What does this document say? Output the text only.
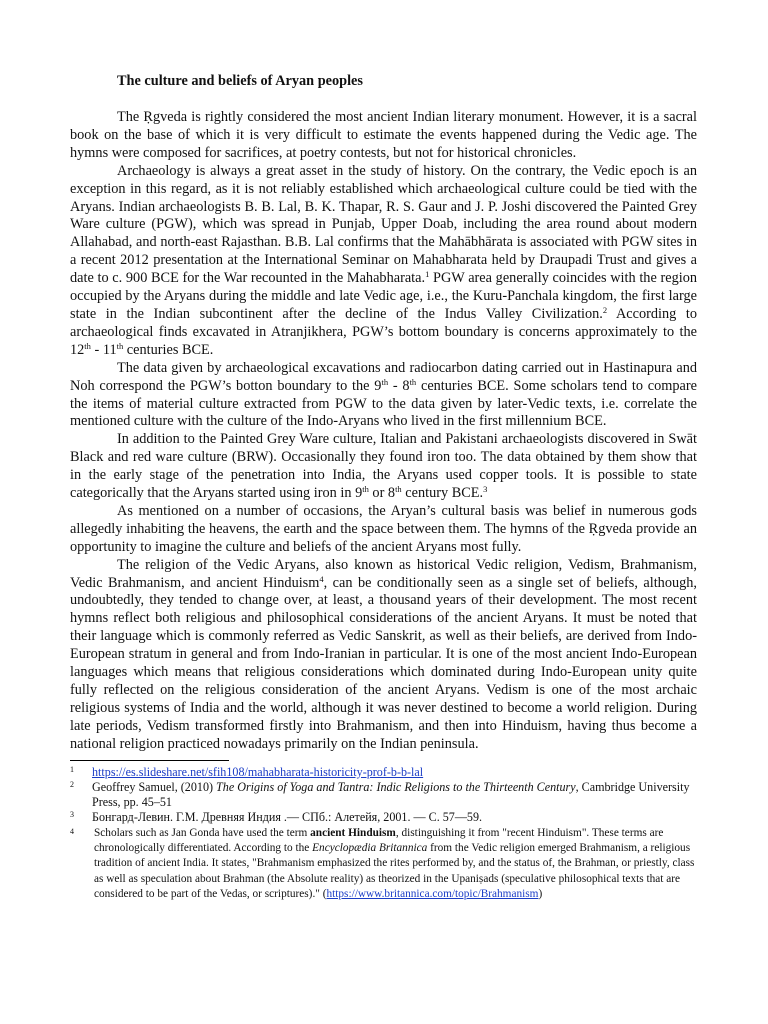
The culture and beliefs of Aryan peoples

The Ṛgveda is rightly considered the most ancient Indian literary monument. However, it is a sacral book on the base of which it is very difficult to estimate the events happened during the Vedic age. The hymns were composed for sacrifices, at poetry contests, but not for historical chronicles.

Archaeology is always a great asset in the study of history. On the contrary, the Vedic epoch is an exception in this regard, as it is not reliably established which archaeological culture could be tied with the Aryans. Indian archaeologists B. B. Lal, B. K. Thapar, R. S. Gaur and J. P. Joshi discovered the Painted Grey Ware culture (PGW), which was spread in Punjab, Upper Doab, including the area round about modern Allahabad, and north-east Rajasthan. B.B. Lal confirms that the Mahābhārata is associated with PGW sites in a recent 2012 presentation at the International Seminar on Mahabharata held by Draupadi Trust and gives a date to c. 900 BCE for the War recounted in the Mahabharata.$^1$ PGW area generally coincides with the region occupied by the Aryans during the middle and late Vedic age, i.e., the Kuru-Panchala kingdom, the first large state in the Indian subcontinent after the decline of the Indus Valley Civilization.$^2$ According to archaeological finds excavated in Atranjikhera, PGW’s bottom boundary is concerns approximately to the 12th - 11th centuries BCE.

The data given by archaeological excavations and radiocarbon dating carried out in Hastinapura and Noh correspond the PGW’s botton boundary to the 9th - 8th centuries BCE. Some scholars tend to compare the items of material culture extracted from PGW to the data given by later-Vedic texts, i.e. correlate the mentioned culture with the culture of the Indo-Aryans who lived in the first millennium BCE.

In addition to the Painted Grey Ware culture, Italian and Pakistani archaeologists discovered in Swāt Black and red ware culture (BRW). Occasionally they found iron too. The data obtained by them show that in the early stage of the penetration into India, the Aryans used copper tools. It is possible to state categorically that the Aryans started using iron in 9th or 8th century BCE.$^3$

As mentioned on a number of occasions, the Aryan’s cultural basis was belief in numerous gods allegedly inhabiting the heavens, the earth and the space between them. The hymns of the Ṛgveda provide an opportunity to imagine the culture and beliefs of the ancient Aryans most fully.

The religion of the Vedic Aryans, also known as historical Vedic religion, Vedism, Brahmanism, Vedic Brahmanism, and ancient Hinduism$^4$, can be conditionally seen as a single set of beliefs, although, undoubtedly, they tended to change over, at least, a thousand years of their development. The most recent hymns reflect both religious and philosophical considerations of the ancient Aryans. It must be noted that their language which is commonly referred as Vedic Sanskrit, as well as their beliefs, are derived from Indo-European stratum in general and from Indo-Iranian in particular. It is one of the most ancient Indo-European languages which means that religious considerations which dominated during Indo-European unity quite fully reflected on the religious consideration of the ancient Aryans. Vedism is one of the most archaic religious systems of India and the world, although it was never destined to become a world religion. During late periods, Vedism transformed firstly into Brahmanism, and then into Hinduism, having thus become a national religion practiced nowadays primarily on the Indian peninsula.

1 https://es.slideshare.net/sfih108/mahabharata-historicity-prof-b-b-lal
2 Geoffrey Samuel, (2010) The Origins of Yoga and Tantra: Indic Religions to the Thirteenth Century, Cambridge University Press, pp. 45–51
3 Бонгард-Левин. Г.М. Древняя Индия .— СПб.: Алетейя, 2001. — С. 57—59.
4 Scholars such as Jan Gonda have used the term ancient Hinduism, distinguishing it from "recent Hinduism". These terms are chronologically differentiated. According to the Encyclopædia Britannica from the Vedic religion emerged Brahmanism, a religious tradition of ancient India. It states, "Brahmanism emphasized the rites performed by, and the status of, the Brahman, or priestly, class as well as speculation about Brahman (the Absolute reality) as theorized in the Upaniṣads (speculative philosophical texts that are considered to be part of the Vedas, or scriptures)." (https://www.britannica.com/topic/Brahmanism)
